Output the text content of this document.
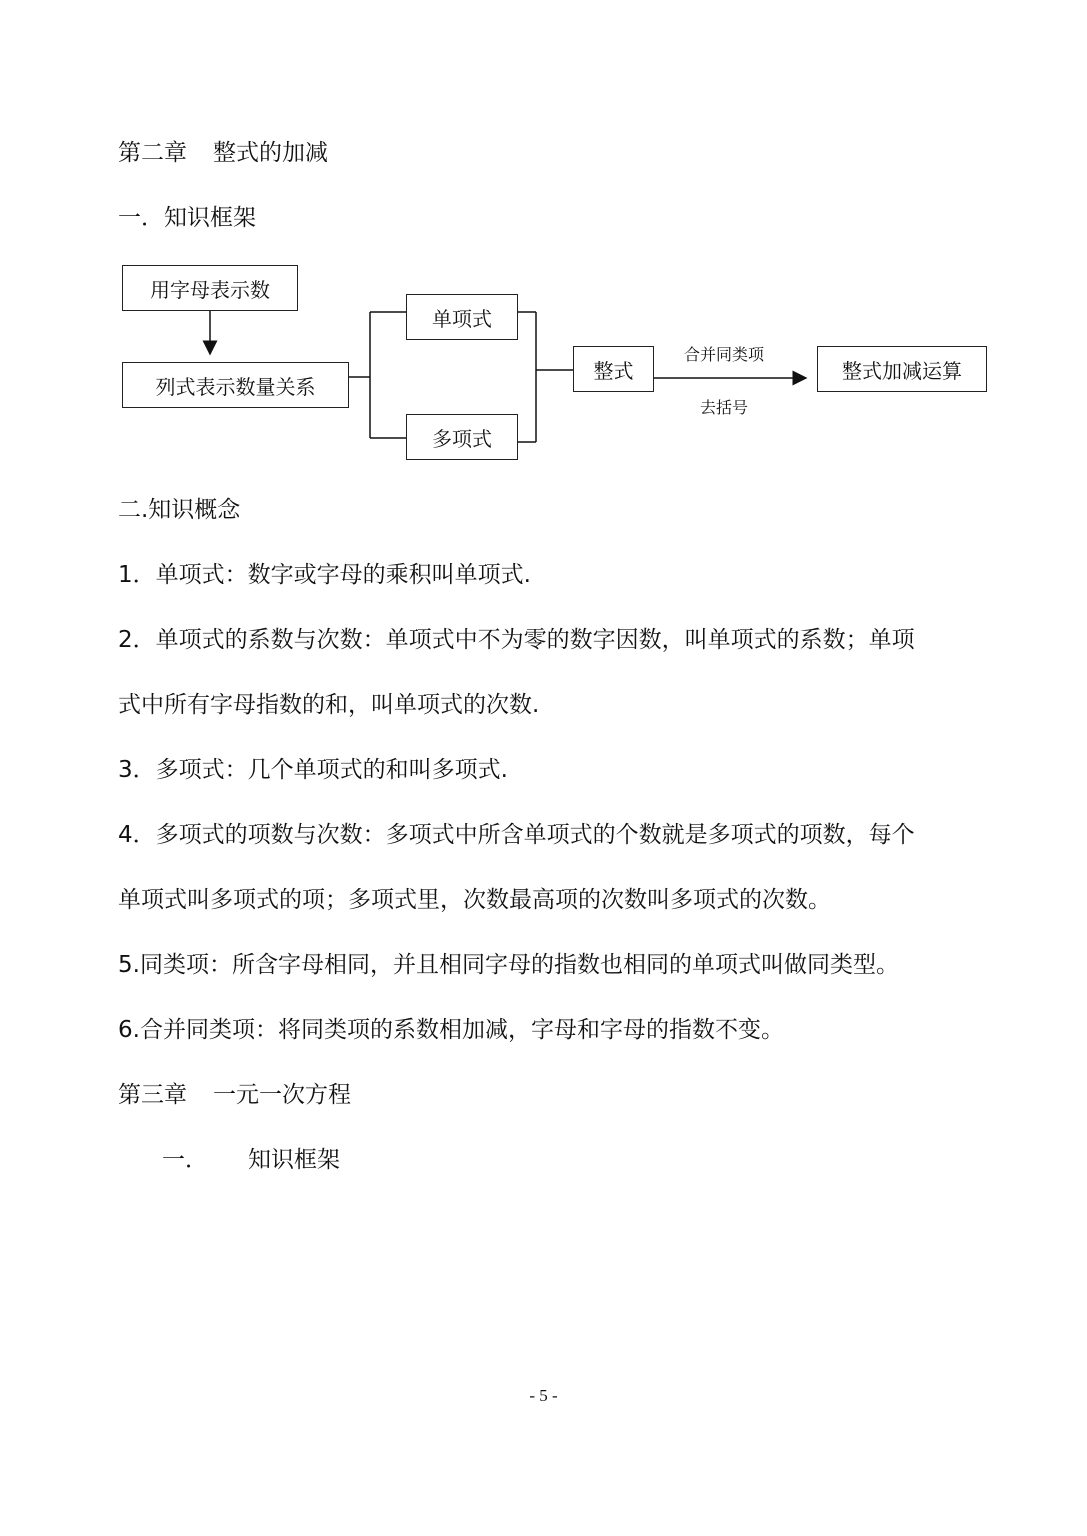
第二章 整式的加减
一．知识框架
用字母表示数
列式表示数量关系
单项式
多项式
整式	整式加减运算
合并同类项
去括号
二.知识概念
1．单项式：数字或字母的乘积叫单项式.
2．单项式的系数与次数：单项式中不为零的数字因数，叫单项式的系数；单项
式中所有字母指数的和，叫单项式的次数.
3．多项式：几个单项式的和叫多项式.
4．多项式的项数与次数：多项式中所含单项式的个数就是多项式的项数，每个
单项式叫多项式的项；多项式里，次数最高项的次数叫多项式的次数。
5.同类项：所含字母相同，并且相同字母的指数也相同的单项式叫做同类型。
6.合并同类项：将同类项的系数相加减，字母和字母的指数不变。
第三章 一元一次方程
一． 知识框架
- 5 -
